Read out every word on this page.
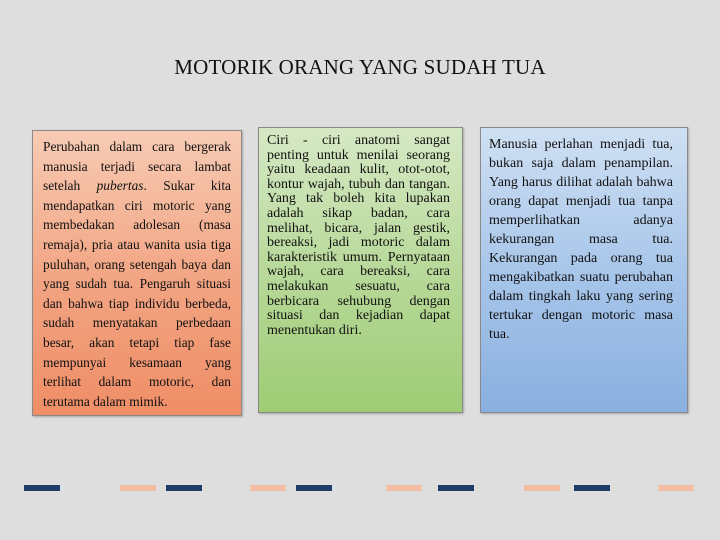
MOTORIK ORANG YANG SUDAH TUA

Perubahan dalam cara bergerak manusia terjadi secara lambat setelah pubertas. Sukar kita mendapatkan ciri motoric yang membedakan adolesan (masa remaja), pria atau wanita usia tiga puluhan, orang setengah baya dan yang sudah tua. Pengaruh situasi dan bahwa tiap individu berbeda, sudah menyatakan perbedaan besar, akan tetapi tiap fase mempunyai kesamaan yang terlihat dalam motoric, dan terutama dalam mimik.

Ciri - ciri anatomi sangat penting untuk menilai seorang yaitu keadaan kulit, otot-otot, kontur wajah, tubuh dan tangan. Yang tak boleh kita lupakan adalah sikap badan, cara melihat, bicara, jalan gestik, bereaksi, jadi motoric dalam karakteristik umum. Pernyataan wajah, cara bereaksi, cara melakukan sesuatu, cara berbicara sehubung dengan situasi dan kejadian dapat menentukan diri.

Manusia perlahan menjadi tua, bukan saja dalam penampilan. Yang harus dilihat adalah bahwa orang dapat menjadi tua tanpa memperlihatkan adanya kekurangan masa tua. Kekurangan pada orang tua mengakibatkan suatu perubahan dalam tingkah laku yang sering tertukar dengan motoric masa tua.
